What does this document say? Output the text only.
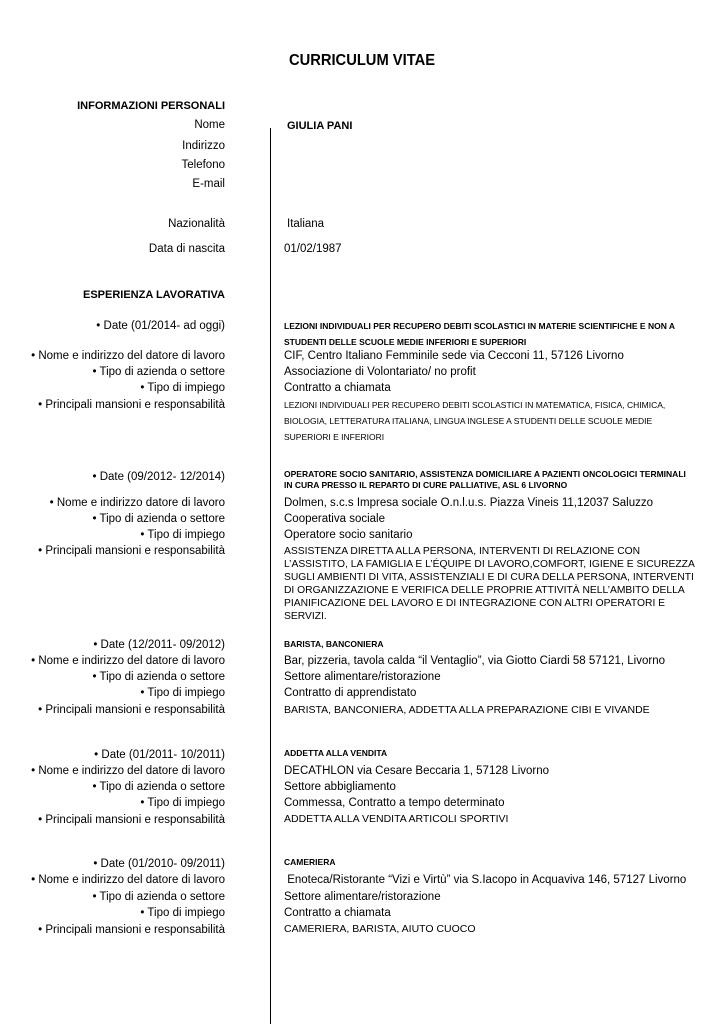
CURRICULUM VITAE
INFORMAZIONI PERSONALI
Nome	GIULIA PANI
Indirizzo
Telefono
E-mail
Nazionalità	Italiana
Data di nascita	01/02/1987
ESPERIENZA LAVORATIVA
• Date (01/2014- ad oggi)	LEZIONI INDIVIDUALI PER RECUPERO DEBITI SCOLASTICI IN MATERIE SCIENTIFICHE E NON A STUDENTI DELLE SCUOLE MEDIE INFERIORI E SUPERIORI
• Nome e indirizzo del datore di lavoro	CIF, Centro Italiano Femminile sede via Cecconi 11, 57126 Livorno
• Tipo di azienda o settore	Associazione di Volontariato/ no profit
• Tipo di impiego	Contratto a chiamata
• Principali mansioni e responsabilità	LEZIONI INDIVIDUALI PER RECUPERO DEBITI SCOLASTICI IN MATEMATICA, FISICA, CHIMICA, BIOLOGIA, LETTERATURA ITALIANA, LINGUA INGLESE A STUDENTI DELLE SCUOLE MEDIE SUPERIORI E INFERIORI
• Date (09/2012- 12/2014)	OPERATORE SOCIO SANITARIO, ASSISTENZA DOMICILIARE A PAZIENTI ONCOLOGICI TERMINALI IN CURA PRESSO IL REPARTO DI CURE PALLIATIVE, ASL 6 LIVORNO
• Nome e indirizzo datore di lavoro	Dolmen, s.c.s Impresa sociale O.n.l.u.s. Piazza Vineis 11,12037 Saluzzo
• Tipo di azienda o settore	Cooperativa sociale
• Tipo di impiego	Operatore socio sanitario
• Principali mansioni e responsabilità	ASSISTENZA DIRETTA ALLA PERSONA, INTERVENTI DI RELAZIONE CON L’ASSISTITO, LA FAMIGLIA E L’ÉQUIPE DI LAVORO,COMFORT, IGIENE E SICUREZZA SUGLI AMBIENTI DI VITA, ASSISTENZIALI E DI CURA DELLA PERSONA, INTERVENTI DI ORGANIZZAZIONE E VERIFICA DELLE PROPRIE ATTIVITÀ NELL’AMBITO DELLA PIANIFICAZIONE DEL LAVORO E DI INTEGRAZIONE CON ALTRI OPERATORI E SERVIZI.
• Date (12/2011- 09/2012)	BARISTA, BANCONIERA
• Nome e indirizzo del datore di lavoro	Bar, pizzeria, tavola calda “il Ventaglio”, via Giotto Ciardi 58 57121, Livorno
• Tipo di azienda o settore	Settore alimentare/ristorazione
• Tipo di impiego	Contratto di apprendistato
• Principali mansioni e responsabilità	BARISTA, BANCONIERA, ADDETTA ALLA PREPARAZIONE CIBI E VIVANDE
• Date (01/2011- 10/2011)	ADDETTA ALLA VENDITA
• Nome e indirizzo del datore di lavoro	DECATHLON via Cesare Beccaria 1, 57128 Livorno
• Tipo di azienda o settore	Settore abbigliamento
• Tipo di impiego	Commessa, Contratto a tempo determinato
• Principali mansioni e responsabilità	ADDETTA ALLA VENDITA ARTICOLI SPORTIVI
• Date (01/2010- 09/2011)	CAMERIERA
• Nome e indirizzo del datore di lavoro	Enoteca/Ristorante “Vizi e Virtù” via S.Iacopo in Acquaviva 146, 57127 Livorno
• Tipo di azienda o settore	Settore alimentare/ristorazione
• Tipo di impiego	Contratto a chiamata
• Principali mansioni e responsabilità	CAMERIERA, BARISTA, AIUTO CUOCO
